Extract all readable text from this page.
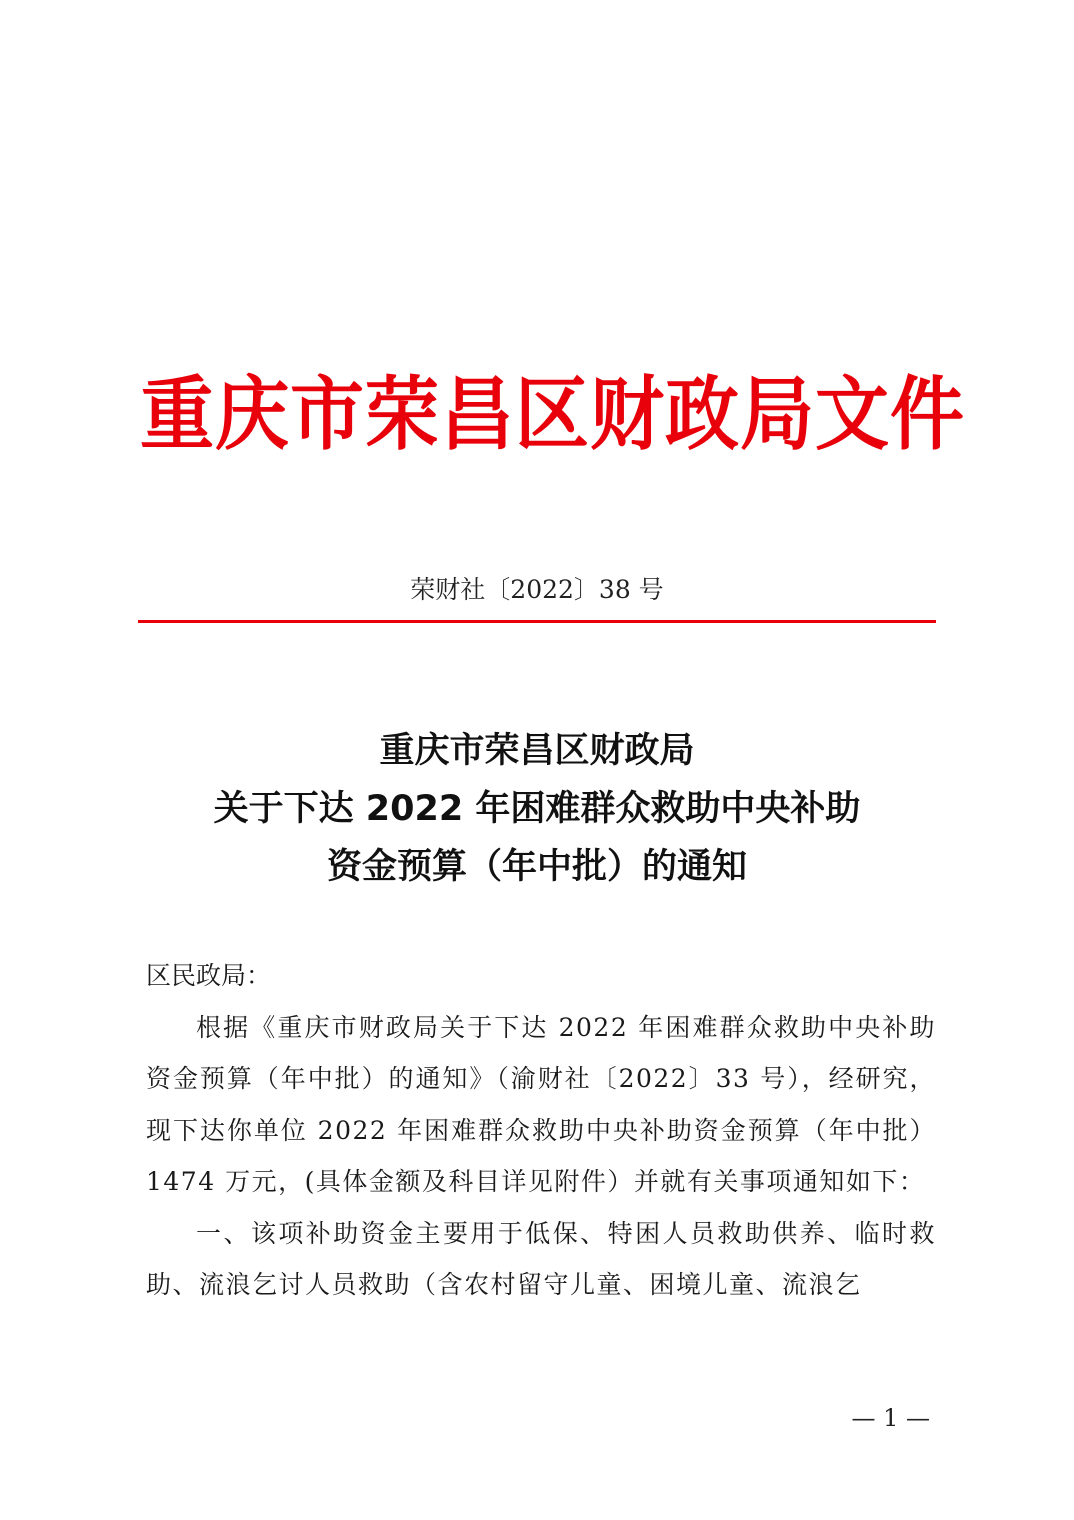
重庆市荣昌区财政局文件
荣财社〔2022〕38 号
重庆市荣昌区财政局
关于下达 2022 年困难群众救助中央补助
资金预算（年中批）的通知

区民政局：

根据《重庆市财政局关于下达 2022 年困难群众救助中央补助资金预算（年中批）的通知》（渝财社〔2022〕33 号），经研究，现下达你单位 2022 年困难群众救助中央补助资金预算（年中批）1474 万元，(具体金额及科目详见附件）并就有关事项通知如下：

一、该项补助资金主要用于低保、特困人员救助供养、临时救助、流浪乞讨人员救助（含农村留守儿童、困境儿童、流浪乞

— 1 —
